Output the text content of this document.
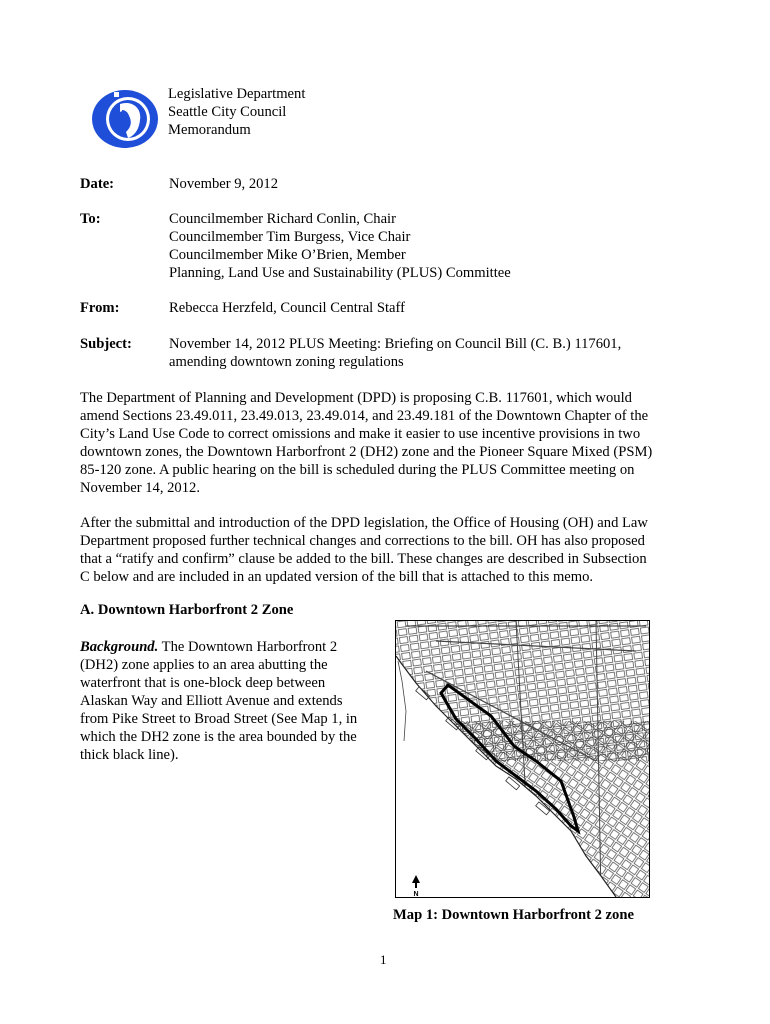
Legislative Department
Seattle City Council
Memorandum
Date:	November 9, 2012
To:	Councilmember Richard Conlin, Chair
Councilmember Tim Burgess, Vice Chair
Councilmember Mike O’Brien, Member
Planning, Land Use and Sustainability (PLUS) Committee
From:	Rebecca Herzfeld, Council Central Staff
Subject:	November 14, 2012 PLUS Meeting: Briefing on Council Bill (C. B.) 117601,
amending downtown zoning regulations
The Department of Planning and Development (DPD) is proposing C.B. 117601, which would
amend Sections 23.49.011, 23.49.013, 23.49.014, and 23.49.181 of the Downtown Chapter of the
City’s Land Use Code to correct omissions and make it easier to use incentive provisions in two
downtown zones, the Downtown Harborfront 2 (DH2) zone and the Pioneer Square Mixed (PSM)
85-120 zone. A public hearing on the bill is scheduled during the PLUS Committee meeting on
November 14, 2012.
After the submittal and introduction of the DPD legislation, the Office of Housing (OH) and Law
Department proposed further technical changes and corrections to the bill. OH has also proposed
that a “ratify and confirm” clause be added to the bill. These changes are described in Subsection
C below and are included in an updated version of the bill that is attached to this memo.
A. Downtown Harborfront 2 Zone
Background. The Downtown Harborfront 2
(DH2) zone applies to an area abutting the
waterfront that is one-block deep between
Alaskan Way and Elliott Avenue and extends
from Pike Street to Broad Street (See Map 1, in
which the DH2 zone is the area bounded by the
thick black line).
N
Map 1: Downtown Harborfront 2 zone
1
